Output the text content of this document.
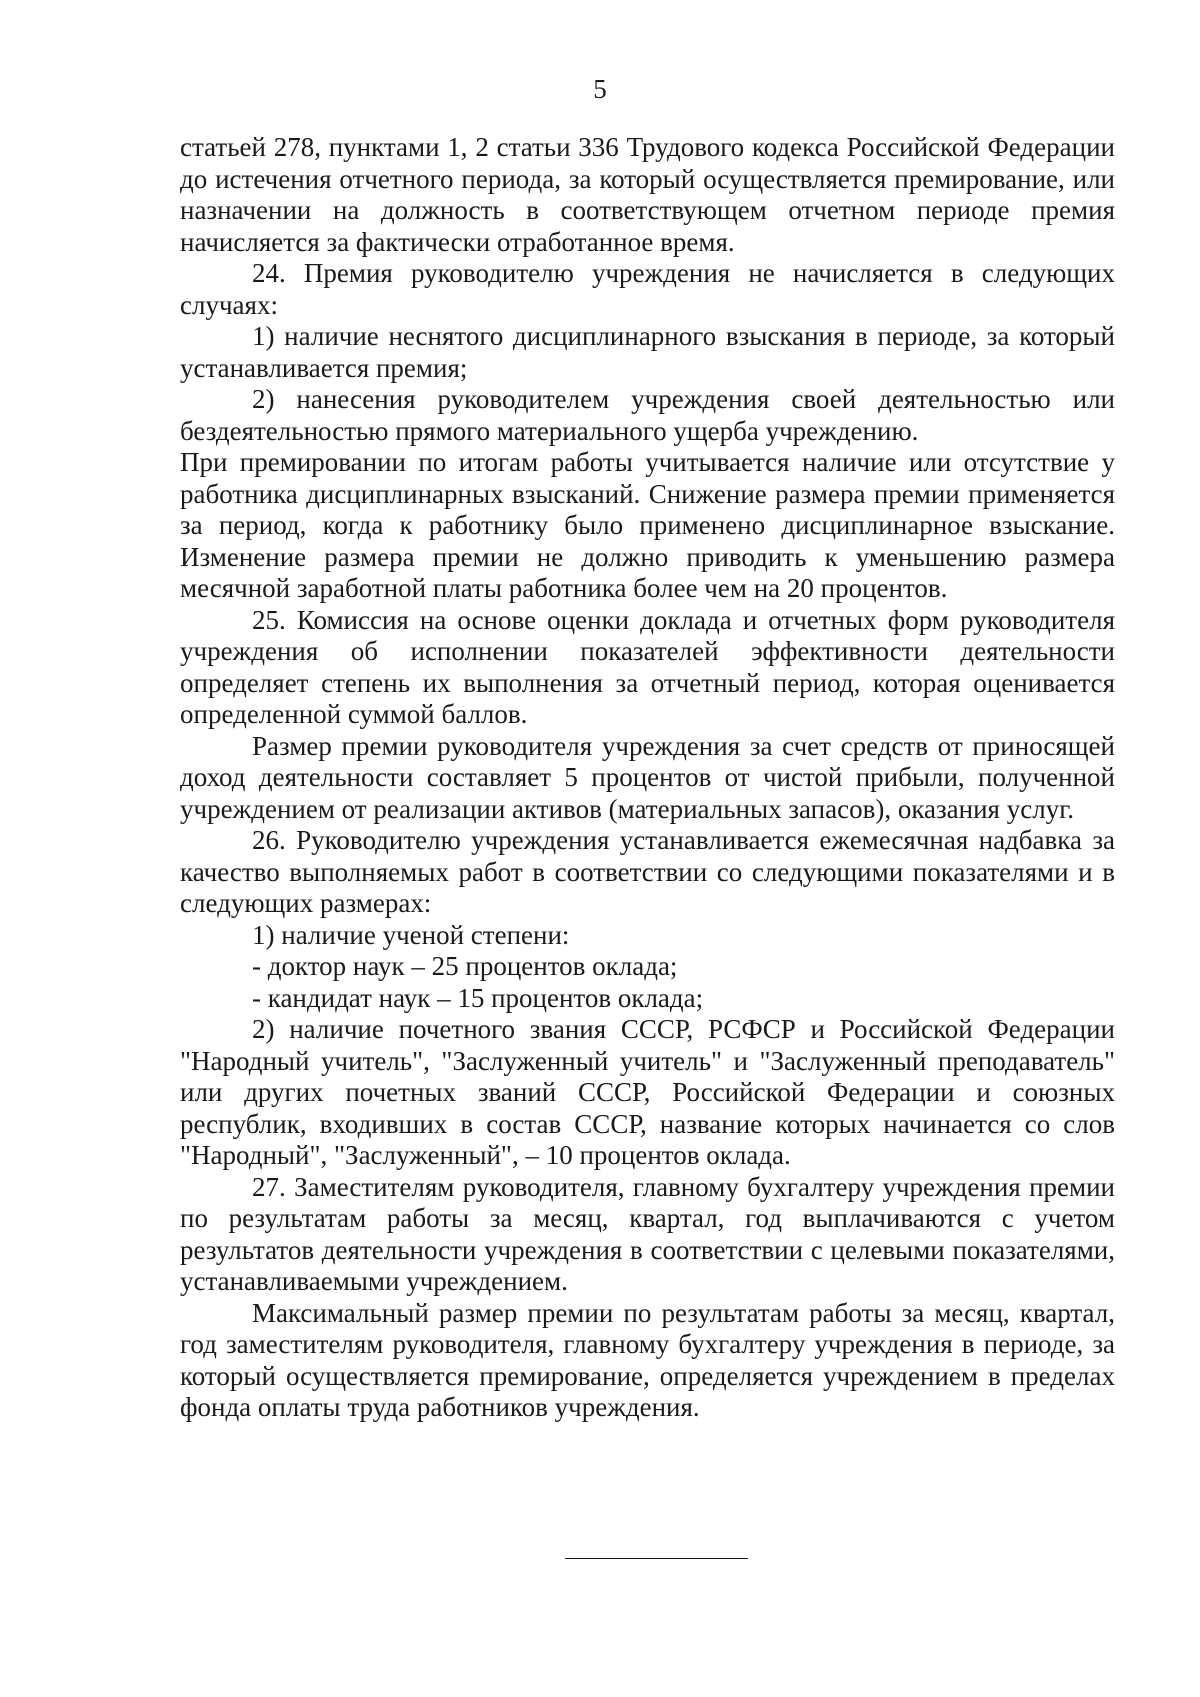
5

статьей 278, пунктами 1, 2 статьи 336 Трудового кодекса Российской Федерации до истечения отчетного периода, за который осуществляется премирование, или назначении на должность в соответствующем отчетном периоде премия начисляется за фактически отработанное время.

24. Премия руководителю учреждения не начисляется в следующих случаях:

1) наличие неснятого дисциплинарного взыскания в периоде, за который устанавливается премия;

2) нанесения руководителем учреждения своей деятельностью или бездеятельностью прямого материального ущерба учреждению.

При премировании по итогам работы учитывается наличие или отсутствие у работника дисциплинарных взысканий. Снижение размера премии применяется за период, когда к работнику было применено дисциплинарное взыскание. Изменение размера премии не должно приводить к уменьшению размера месячной заработной платы работника более чем на 20 процентов.

25. Комиссия на основе оценки доклада и отчетных форм руководителя учреждения об исполнении показателей эффективности деятельности определяет степень их выполнения за отчетный период, которая оценивается определенной суммой баллов.

Размер премии руководителя учреждения за счет средств от приносящей доход деятельности составляет 5 процентов от чистой прибыли, полученной учреждением от реализации активов (материальных запасов), оказания услуг.

26. Руководителю учреждения устанавливается ежемесячная надбавка за качество выполняемых работ в соответствии со следующими показателями и в следующих размерах:

1) наличие ученой степени:

- доктор наук – 25 процентов оклада;

- кандидат наук – 15 процентов оклада;

2) наличие почетного звания СССР, РСФСР и Российской Федерации "Народный учитель", "Заслуженный учитель" и "Заслуженный преподаватель" или других почетных званий СССР, Российской Федерации и союзных республик, входивших в состав СССР, название которых начинается со слов "Народный", "Заслуженный", – 10 процентов оклада.

27. Заместителям руководителя, главному бухгалтеру учреждения премии по результатам работы за месяц, квартал, год выплачиваются с учетом результатов деятельности учреждения в соответствии с целевыми показателями, устанавливаемыми учреждением.

Максимальный размер премии по результатам работы за месяц, квартал, год заместителям руководителя, главному бухгалтеру учреждения в периоде, за который осуществляется премирование, определяется учреждением в пределах фонда оплаты труда работников учреждения.
